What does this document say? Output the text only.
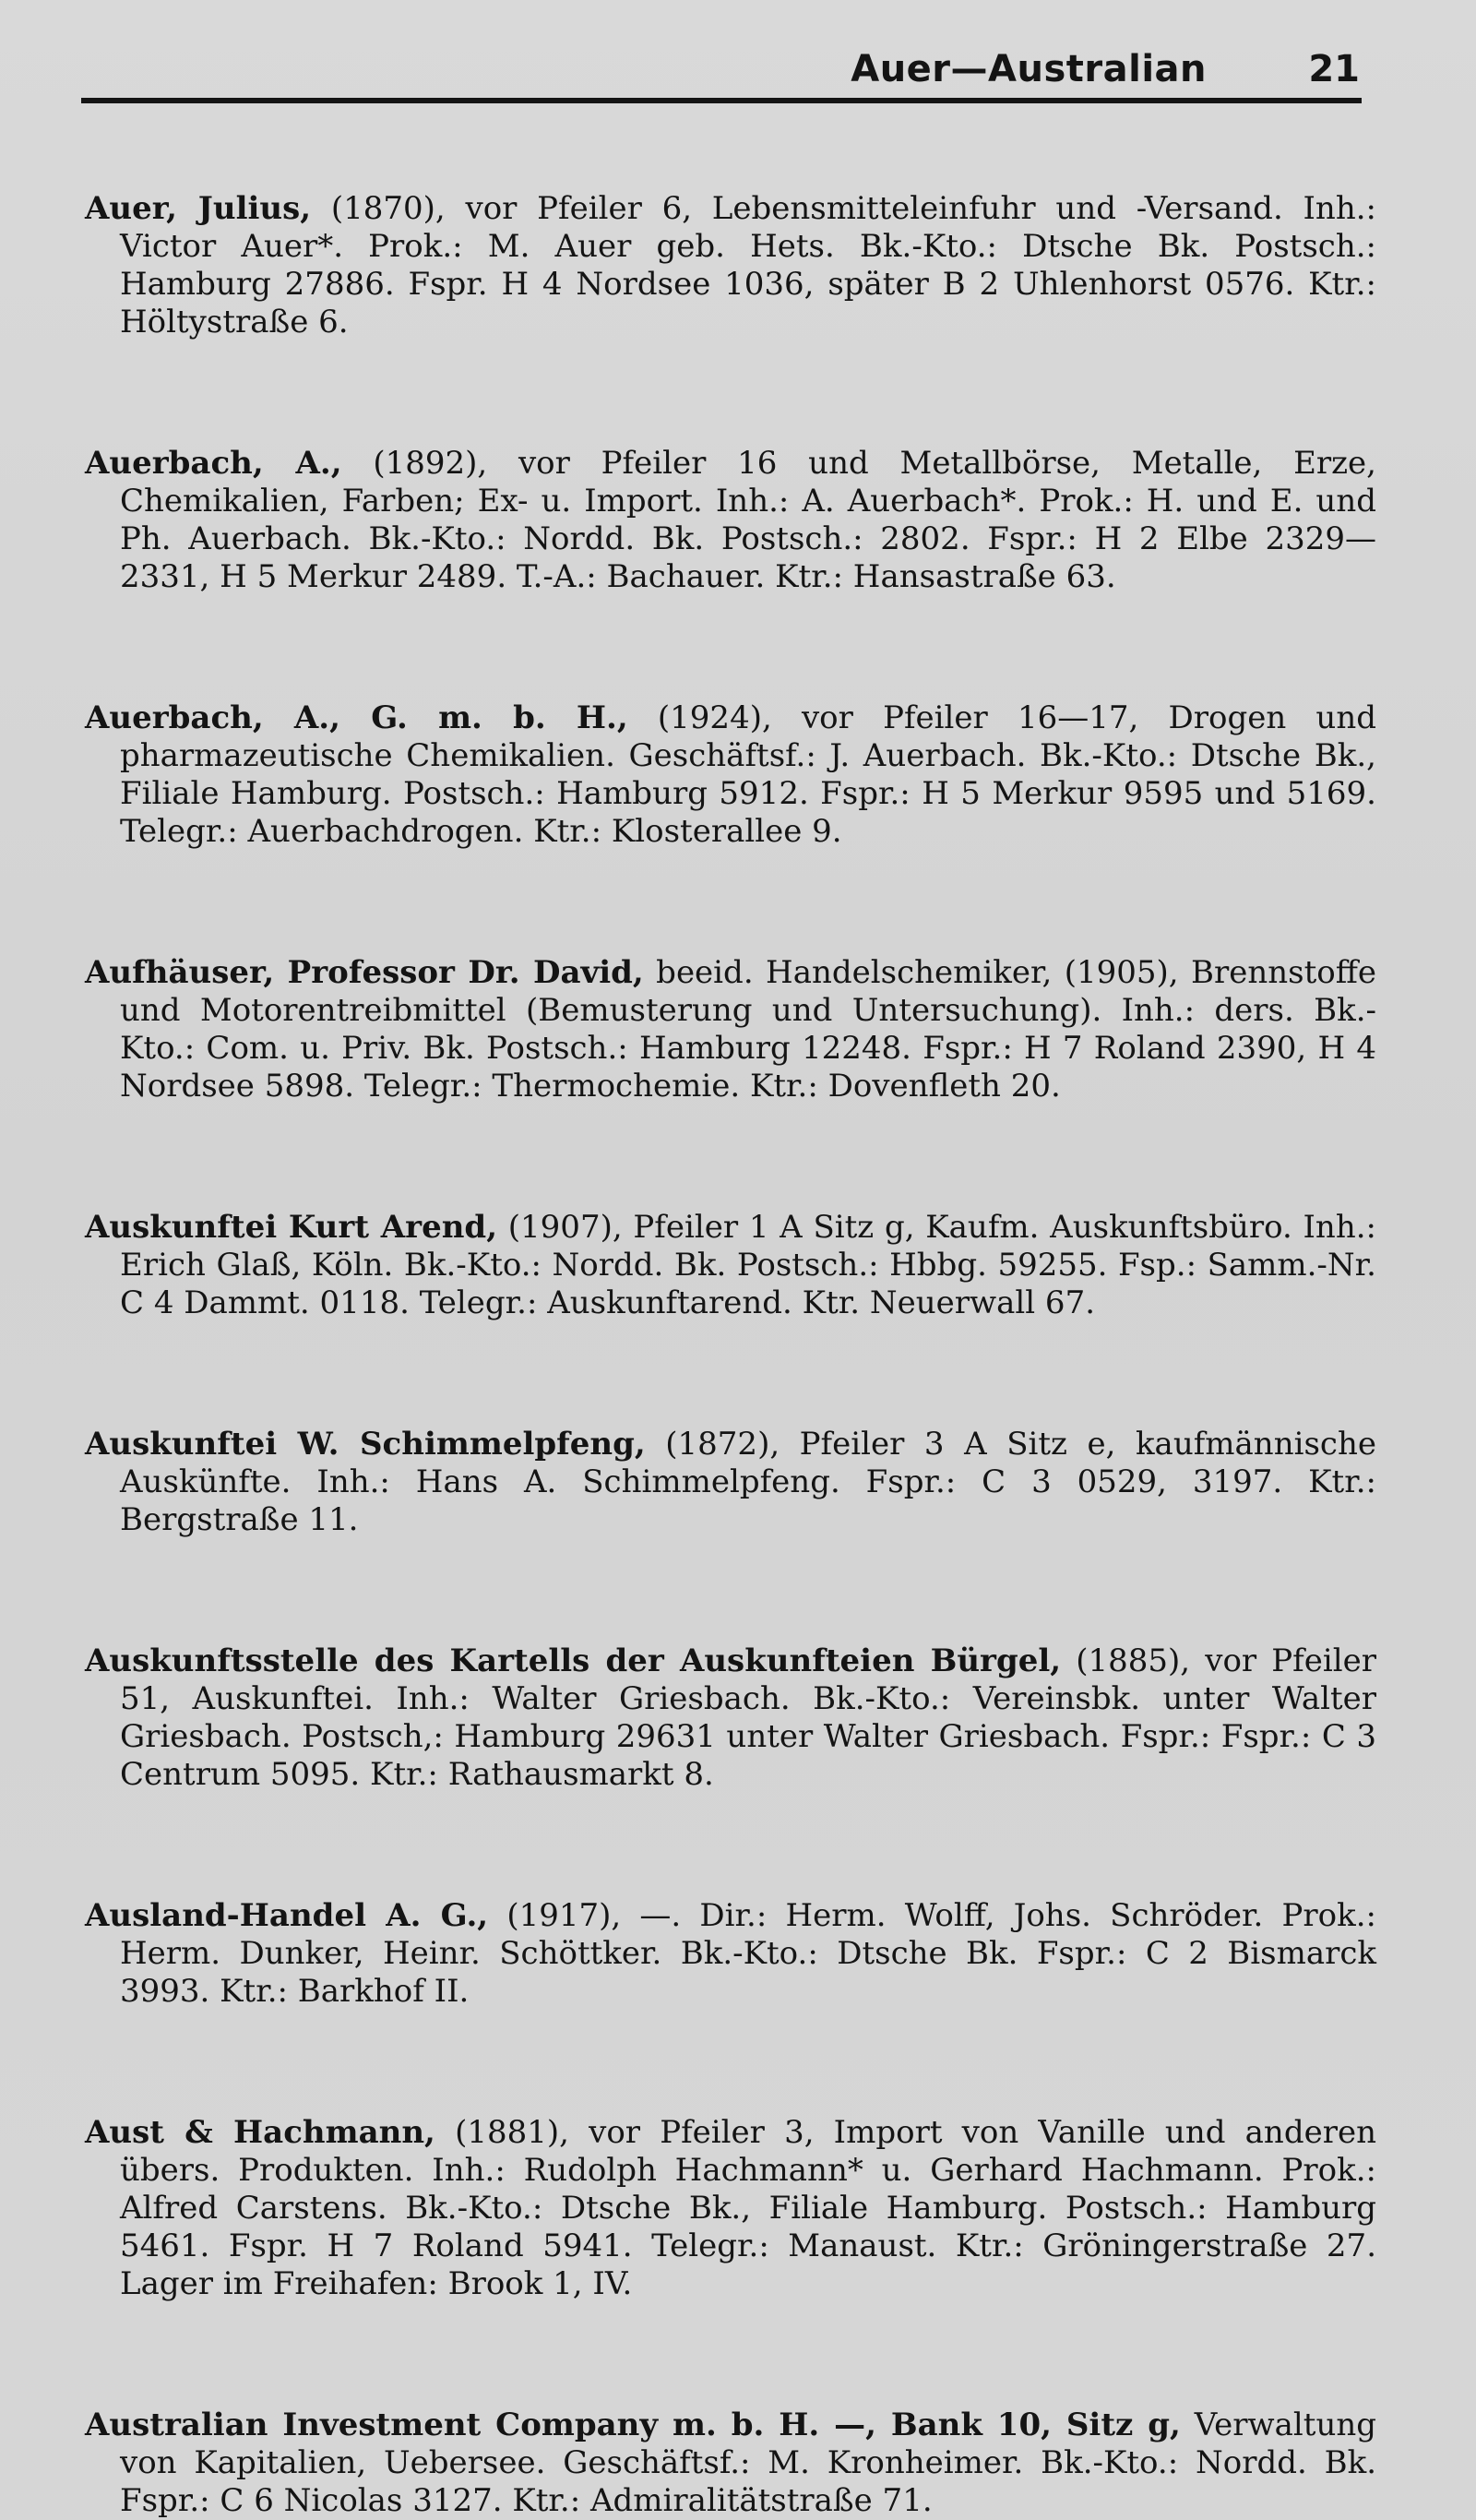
Auer—Australian	21

Auer, Julius, (1870), vor Pfeiler 6, Lebensmitteleinfuhr und -Versand. Inh.: Victor Auer*. Prok.: M. Auer geb. Hets. Bk.-Kto.: Dtsche Bk. Postsch.: Hamburg 27886. Fspr. H 4 Nordsee 1036, später B 2 Uhlenhorst 0576. Ktr.: Höltystraße 6.

Auerbach, A., (1892), vor Pfeiler 16 und Metallbörse, Metalle, Erze, Chemikalien, Farben; Ex- u. Import. Inh.: A. Auerbach*. Prok.: H. und E. und Ph. Auerbach. Bk.-Kto.: Nordd. Bk. Postsch.: 2802. Fspr.: H 2 Elbe 2329—2331, H 5 Merkur 2489. T.-A.: Bachauer. Ktr.: Hansastraße 63.

Auerbach, A., G. m. b. H., (1924), vor Pfeiler 16—17, Drogen und pharmazeutische Chemikalien. Geschäftsf.: J. Auerbach. Bk.-Kto.: Dtsche Bk., Filiale Hamburg. Postsch.: Hamburg 5912. Fspr.: H 5 Merkur 9595 und 5169. Telegr.: Auerbachdrogen. Ktr.: Klosterallee 9.

Aufhäuser, Professor Dr. David, beeid. Handelschemiker, (1905), Brennstoffe und Motorentreibmittel (Bemusterung und Untersuchung). Inh.: ders. Bk.-Kto.: Com. u. Priv. Bk. Postsch.: Hamburg 12248. Fspr.: H 7 Roland 2390, H 4 Nordsee 5898. Telegr.: Thermochemie. Ktr.: Dovenfleth 20.

Auskunftei Kurt Arend, (1907), Pfeiler 1 A Sitz g, Kaufm. Auskunftsbüro. Inh.: Erich Glaß, Köln. Bk.-Kto.: Nordd. Bk. Postsch.: Hbbg. 59255. Fsp.: Samm.-Nr. C 4 Dammt. 0118. Telegr.: Auskunftarend. Ktr. Neuerwall 67.

Auskunftei W. Schimmelpfeng, (1872), Pfeiler 3 A Sitz e, kaufmännische Auskünfte. Inh.: Hans A. Schimmelpfeng. Fspr.: C 3 0529, 3197. Ktr.: Bergstraße 11.

Auskunftsstelle des Kartells der Auskunfteien Bürgel, (1885), vor Pfeiler 51, Auskunftei. Inh.: Walter Griesbach. Bk.-Kto.: Vereinsbk. unter Walter Griesbach. Postsch,: Hamburg 29631 unter Walter Griesbach. Fspr.: Fspr.: C 3 Centrum 5095. Ktr.: Rathausmarkt 8.

Ausland-Handel A. G., (1917), —. Dir.: Herm. Wolff, Johs. Schröder. Prok.: Herm. Dunker, Heinr. Schöttker. Bk.-Kto.: Dtsche Bk. Fspr.: C 2 Bismarck 3993. Ktr.: Barkhof II.

Aust & Hachmann, (1881), vor Pfeiler 3, Import von Vanille und anderen übers. Produkten. Inh.: Rudolph Hachmann* u. Gerhard Hachmann. Prok.: Alfred Carstens. Bk.-Kto.: Dtsche Bk., Filiale Hamburg. Postsch.: Hamburg 5461. Fspr. H 7 Roland 5941. Telegr.: Manaust. Ktr.: Gröningerstraße 27. Lager im Freihafen: Brook 1, IV.

Australian Investment Company m. b. H. —, Bank 10, Sitz g, Verwaltung von Kapitalien, Uebersee. Geschäftsf.: M. Kronheimer. Bk.-Kto.: Nordd. Bk. Fspr.: C 6 Nicolas 3127. Ktr.: Admiralitätstraße 71.
